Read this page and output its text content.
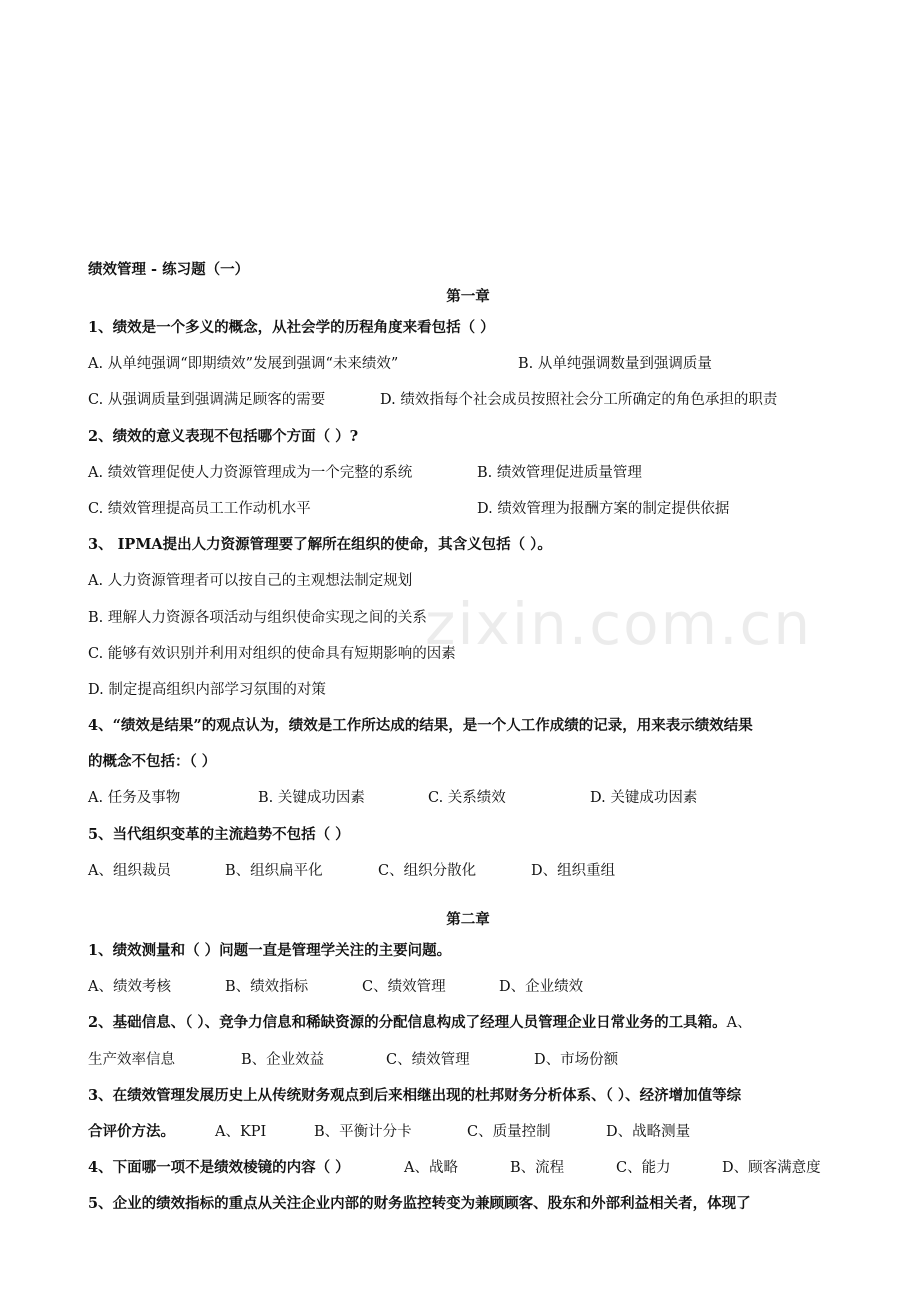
zixin.com.cn
绩效管理 - 练习题（一）
第一章
1、绩效是一个多义的概念，从社会学的历程角度来看包括（ ）
A. 从单纯强调“即期绩效”发展到强调“未来绩效”	B. 从单纯强调数量到强调质量
C. 从强调质量到强调满足顾客的需要	D. 绩效指每个社会成员按照社会分工所确定的角色承担的职责
2、绩效的意义表现不包括哪个方面（ ）?
A. 绩效管理促使人力资源管理成为一个完整的系统	B. 绩效管理促进质量管理
C. 绩效管理提高员工工作动机水平	D. 绩效管理为报酬方案的制定提供依据
3、 IPMA提出人力资源管理要了解所在组织的使命，其含义包括（ ）。
A. 人力资源管理者可以按自己的主观想法制定规划
B. 理解人力资源各项活动与组织使命实现之间的关系
C. 能够有效识别并利用对组织的使命具有短期影响的因素
D. 制定提高组织内部学习氛围的对策
4、“绩效是结果”的观点认为，绩效是工作所达成的结果，是一个人工作成绩的记录，用来表示绩效结果
的概念不包括：（ ）
A. 任务及事物	B. 关键成功因素	C. 关系绩效	D. 关键成功因素
5、当代组织变革的主流趋势不包括（ ）
A、组织裁员	B、组织扁平化	C、组织分散化	D、组织重组
第二章
1、绩效测量和（ ）问题一直是管理学关注的主要问题。
A、绩效考核	B、绩效指标	C、绩效管理	D、企业绩效
2、基础信息、（ ）、竞争力信息和稀缺资源的分配信息构成了经理人员管理企业日常业务的工具箱。A、
生产效率信息	B、企业效益	C、绩效管理	D、市场份额
3、在绩效管理发展历史上从传统财务观点到后来相继出现的杜邦财务分析体系、（ ）、经济增加值等综
合评价方法。	A、KPI	B、平衡计分卡	C、质量控制	D、战略测量
4、下面哪一项不是绩效棱镜的内容（ ）	A、战略	B、流程	C、能力	D、顾客满意度
5、企业的绩效指标的重点从关注企业内部的财务监控转变为兼顾顾客、股东和外部利益相关者，体现了
